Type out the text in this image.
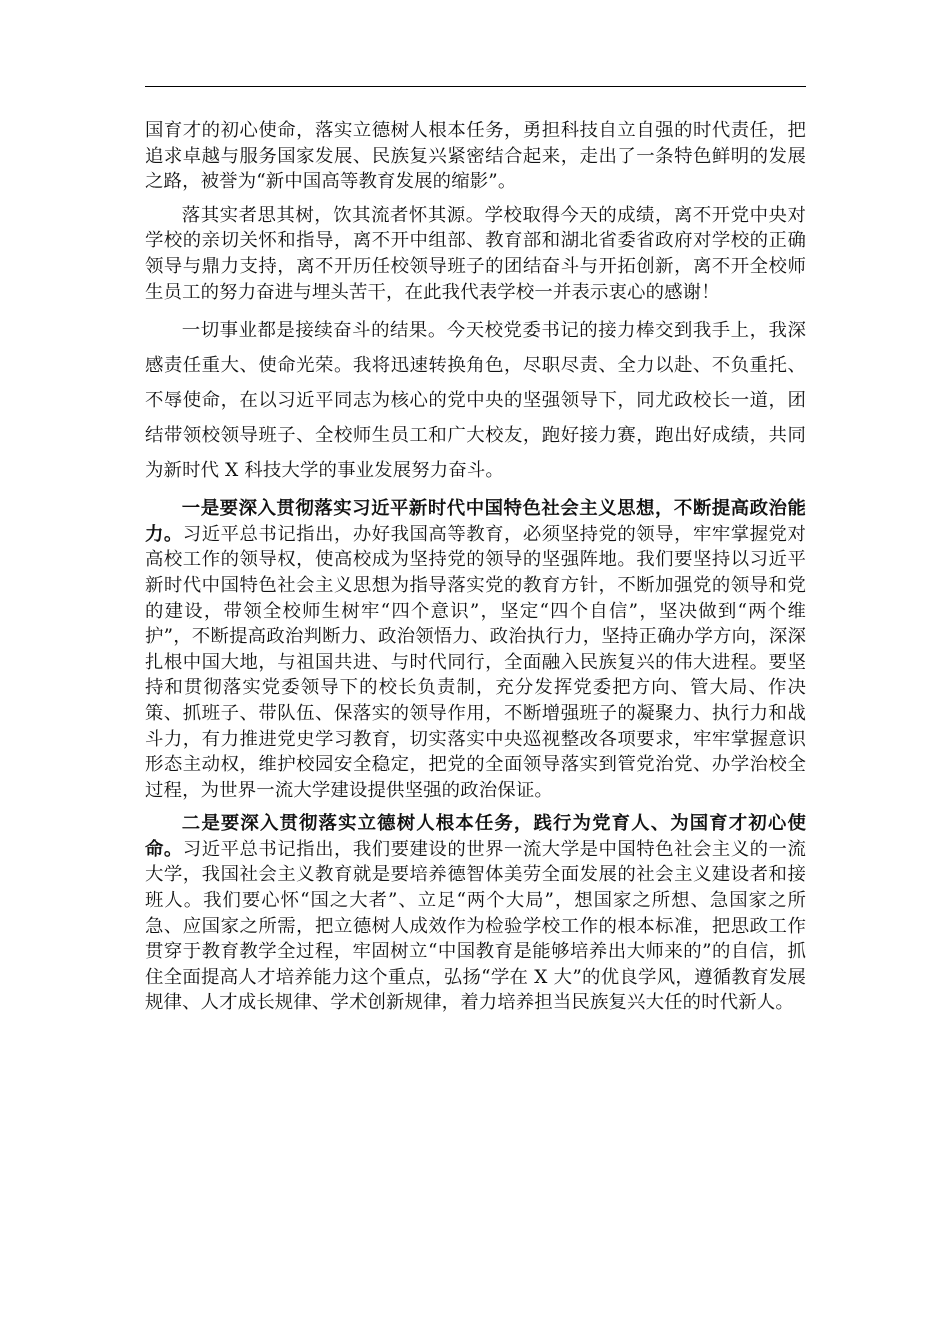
国育才的初心使命，落实立德树人根本任务，勇担科技自立自强的时代责任，把追求卓越与服务国家发展、民族复兴紧密结合起来，走出了一条特色鲜明的发展之路，被誉为“新中国高等教育发展的缩影”。

落其实者思其树，饮其流者怀其源。学校取得今天的成绩，离不开党中央对学校的亲切关怀和指导，离不开中组部、教育部和湖北省委省政府对学校的正确领导与鼎力支持，离不开历任校领导班子的团结奋斗与开拓创新，离不开全校师生员工的努力奋进与埋头苦干，在此我代表学校一并表示衷心的感谢！

一切事业都是接续奋斗的结果。今天校党委书记的接力棒交到我手上，我深感责任重大、使命光荣。我将迅速转换角色，尽职尽责、全力以赴、不负重托、不辱使命，在以习近平同志为核心的党中央的坚强领导下，同尤政校长一道，团结带领校领导班子、全校师生员工和广大校友，跑好接力赛，跑出好成绩，共同为新时代 X 科技大学的事业发展努力奋斗。

一是要深入贯彻落实习近平新时代中国特色社会主义思想，不断提高政治能力。习近平总书记指出，办好我国高等教育，必须坚持党的领导，牢牢掌握党对高校工作的领导权，使高校成为坚持党的领导的坚强阵地。我们要坚持以习近平新时代中国特色社会主义思想为指导落实党的教育方针，不断加强党的领导和党的建设，带领全校师生树牢“四个意识”，坚定“四个自信”，坚决做到“两个维护”，不断提高政治判断力、政治领悟力、政治执行力，坚持正确办学方向，深深扎根中国大地，与祖国共进、与时代同行，全面融入民族复兴的伟大进程。要坚持和贯彻落实党委领导下的校长负责制，充分发挥党委把方向、管大局、作决策、抓班子、带队伍、保落实的领导作用，不断增强班子的凝聚力、执行力和战斗力，有力推进党史学习教育，切实落实中央巡视整改各项要求，牢牢掌握意识形态主动权，维护校园安全稳定，把党的全面领导落实到管党治党、办学治校全过程，为世界一流大学建设提供坚强的政治保证。

二是要深入贯彻落实立德树人根本任务，践行为党育人、为国育才初心使命。习近平总书记指出，我们要建设的世界一流大学是中国特色社会主义的一流大学，我国社会主义教育就是要培养德智体美劳全面发展的社会主义建设者和接班人。我们要心怀“国之大者”、立足“两个大局”，想国家之所想、急国家之所急、应国家之所需，把立德树人成效作为检验学校工作的根本标准，把思政工作贯穿于教育教学全过程，牢固树立“中国教育是能够培养出大师来的”的自信，抓住全面提高人才培养能力这个重点，弘扬“学在 X 大”的优良学风，遵循教育发展规律、人才成长规律、学术创新规律，着力培养担当民族复兴大任的时代新人。
